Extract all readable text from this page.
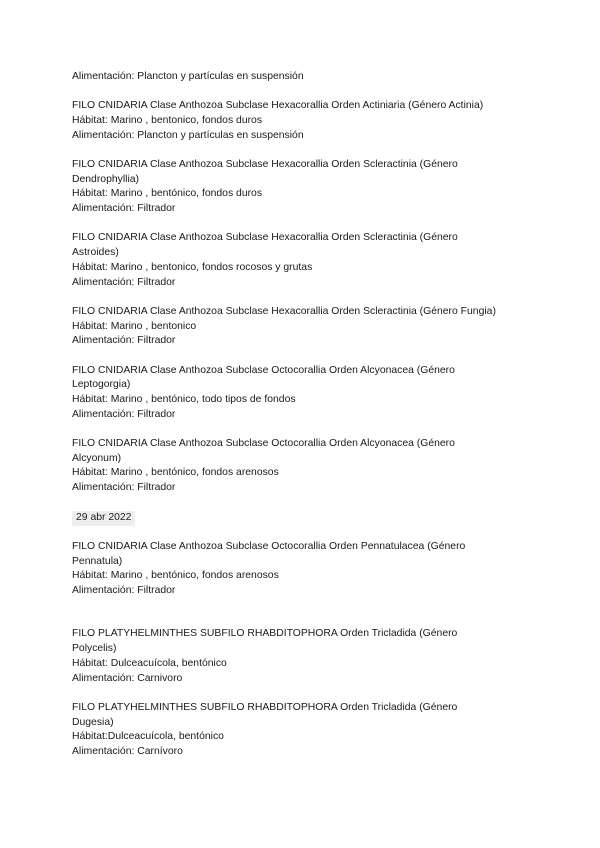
Alimentación: Plancton y partículas en suspensión
FILO CNIDARIA Clase Anthozoa Subclase Hexacorallia Orden Actiniaria (Género Actinia)
Hábitat: Marino , bentonico, fondos duros
Alimentación: Plancton y partículas en suspensión
FILO CNIDARIA Clase Anthozoa Subclase Hexacorallia Orden Scleractinia (Género
Dendrophyllia)
Hábitat: Marino , bentónico, fondos duros
Alimentación: Filtrador
FILO CNIDARIA Clase Anthozoa Subclase Hexacorallia Orden Scleractinia (Género
Astroides)
Hábitat: Marino , bentonico, fondos rocosos y grutas
Alimentación: Filtrador
FILO CNIDARIA Clase Anthozoa Subclase Hexacorallia Orden Scleractinia (Género Fungia)
Hábitat: Marino , bentonico
Alimentación: Filtrador
FILO CNIDARIA Clase Anthozoa Subclase Octocorallia Orden Alcyonacea (Género
Leptogorgia)
Hábitat: Marino , bentónico, todo tipos de fondos
Alimentación: Filtrador
FILO CNIDARIA Clase Anthozoa Subclase Octocorallia Orden Alcyonacea (Género
Alcyonum)
Hábitat: Marino , bentónico, fondos arenosos
Alimentación: Filtrador
29 abr 2022
FILO CNIDARIA Clase Anthozoa Subclase Octocorallia Orden Pennatulacea (Género
Pennatula)
Hábitat: Marino , bentónico, fondos arenosos
Alimentación: Filtrador
FILO PLATYHELMINTHES SUBFILO RHABDITOPHORA Orden Tricladida (Género
Polycelis)
Hábitat: Dulceacuícola, bentónico
Alimentación: Carnivoro
FILO PLATYHELMINTHES SUBFILO RHABDITOPHORA Orden Tricladida (Género
Dugesia)
Hábitat:Dulceacuícola, bentónico
Alimentación: Carnívoro
